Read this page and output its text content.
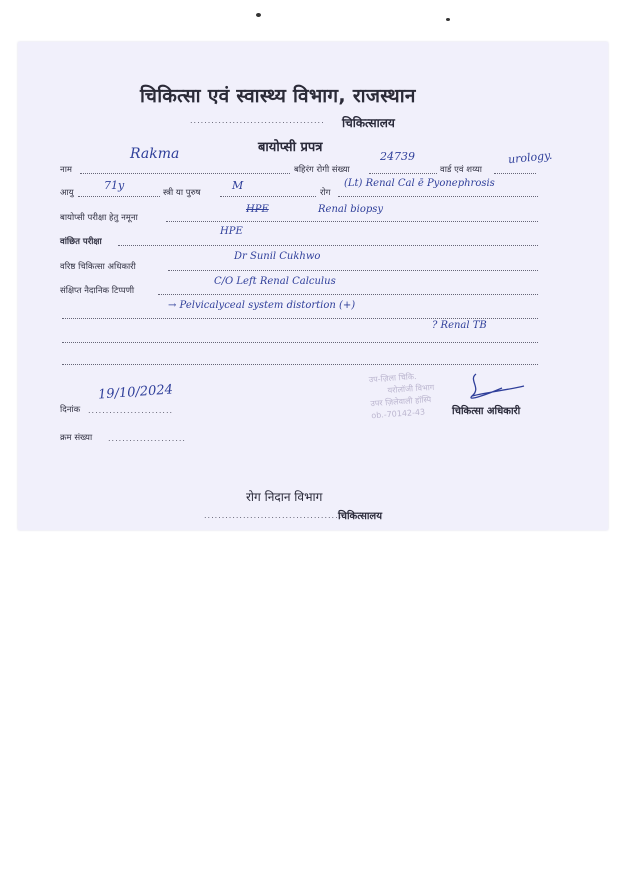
चिकित्सा एवं स्वास्थ्य विभाग, राजस्थान
......................................	चिकित्सालय
बायोप्सी प्रपत्र
नाम
Rakma
बहिरंग रोगी संख्या
24739
वार्ड एवं शय्या
urology.
आयु
71y
स्त्री या पुरुष
M
रोग
(Lt) Renal Cal ē Pyonephrosis
बायोप्सी परीक्षा हेतु नमूना
HPE	Renal biopsy
वांछित परीक्षा
HPE
वरिष्ठ चिकित्सा अधिकारी
Dr Sunil Cukhwo
संक्षिप्त नैदानिक टिप्पणी
C/O Left Renal Calculus
→ Pelvicalyceal system distortion (+)
? Renal TB
उप-ज़िला चिकि.
यरोलॉजी विभाग
उपर ज़िलेवाली हॉस्पि
ob.-70142-43
दिनांक ........................
19/10/2024
चिकित्सा अधिकारी
क्रम संख्या ......................
रोग निदान विभाग
........................................
चिकित्सालय
